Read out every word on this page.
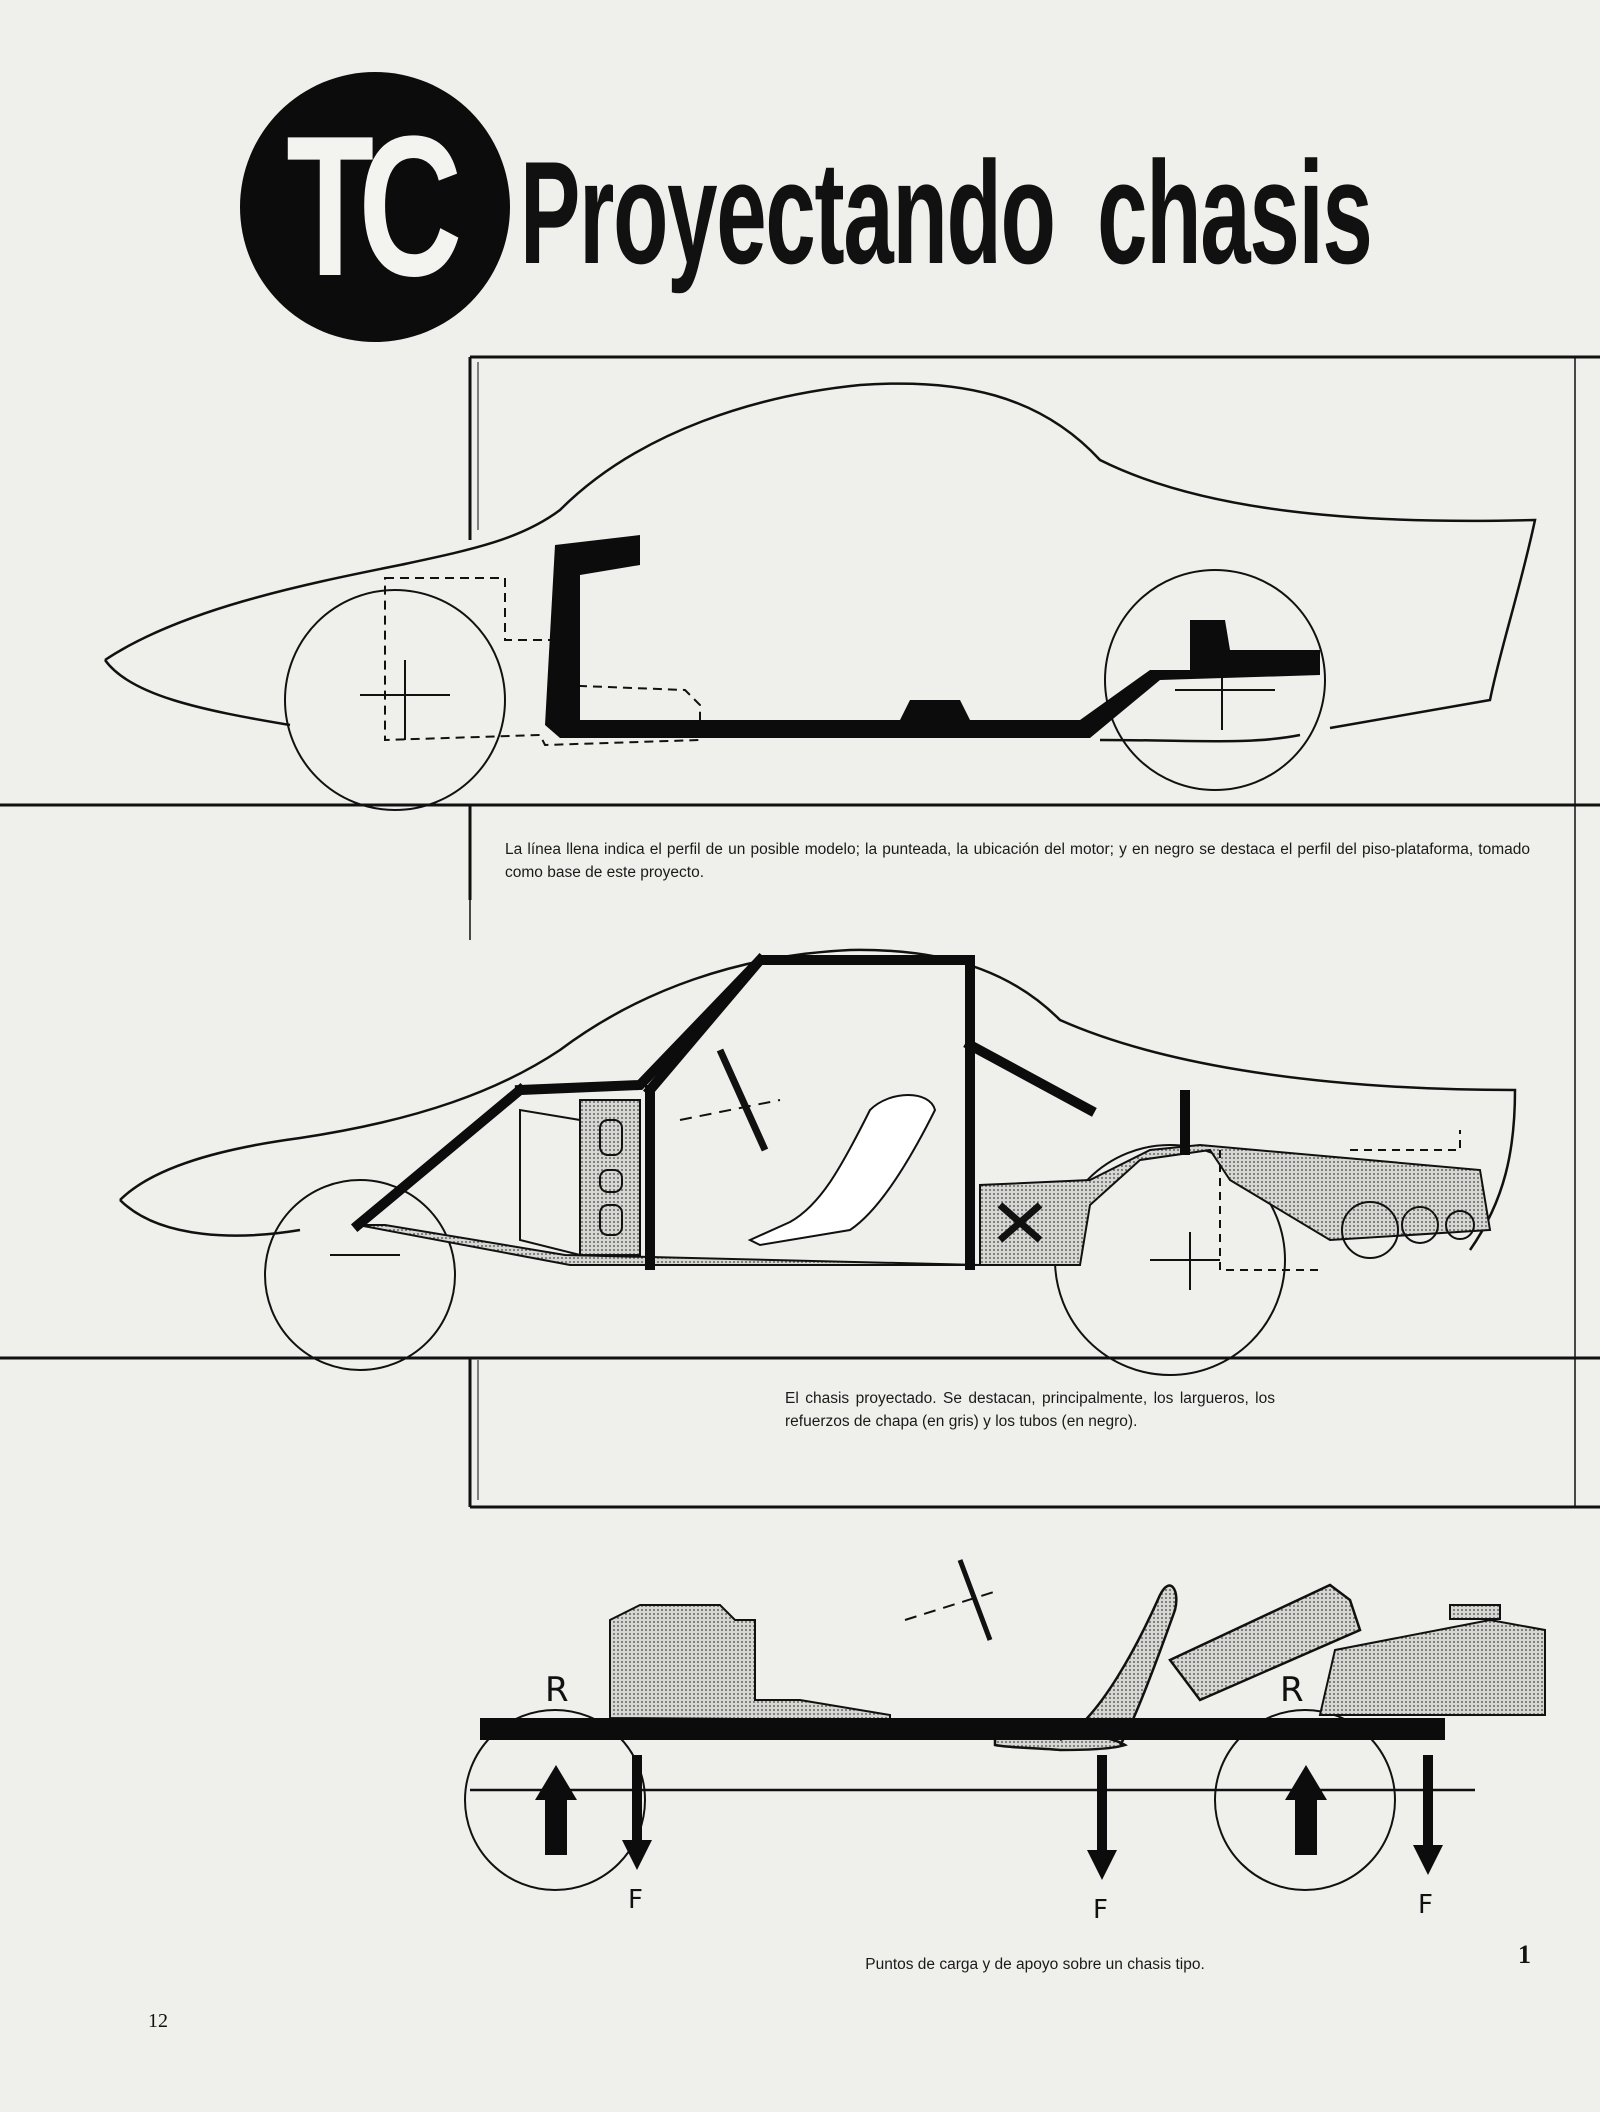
TC Proyectando chasis
La línea llena indica el perfil de un posible modelo; la punteada, la ubicación del motor; y en negro se destaca el perfil del piso-plataforma, tomado como base de este proyecto.
El chasis proyectado. Se destacan, principalmente, los largueros, los refuerzos de chapa (en gris) y los tubos (en negro).
R	R
F	F	F
Puntos de carga y de apoyo sobre un chasis tipo.	1
12
